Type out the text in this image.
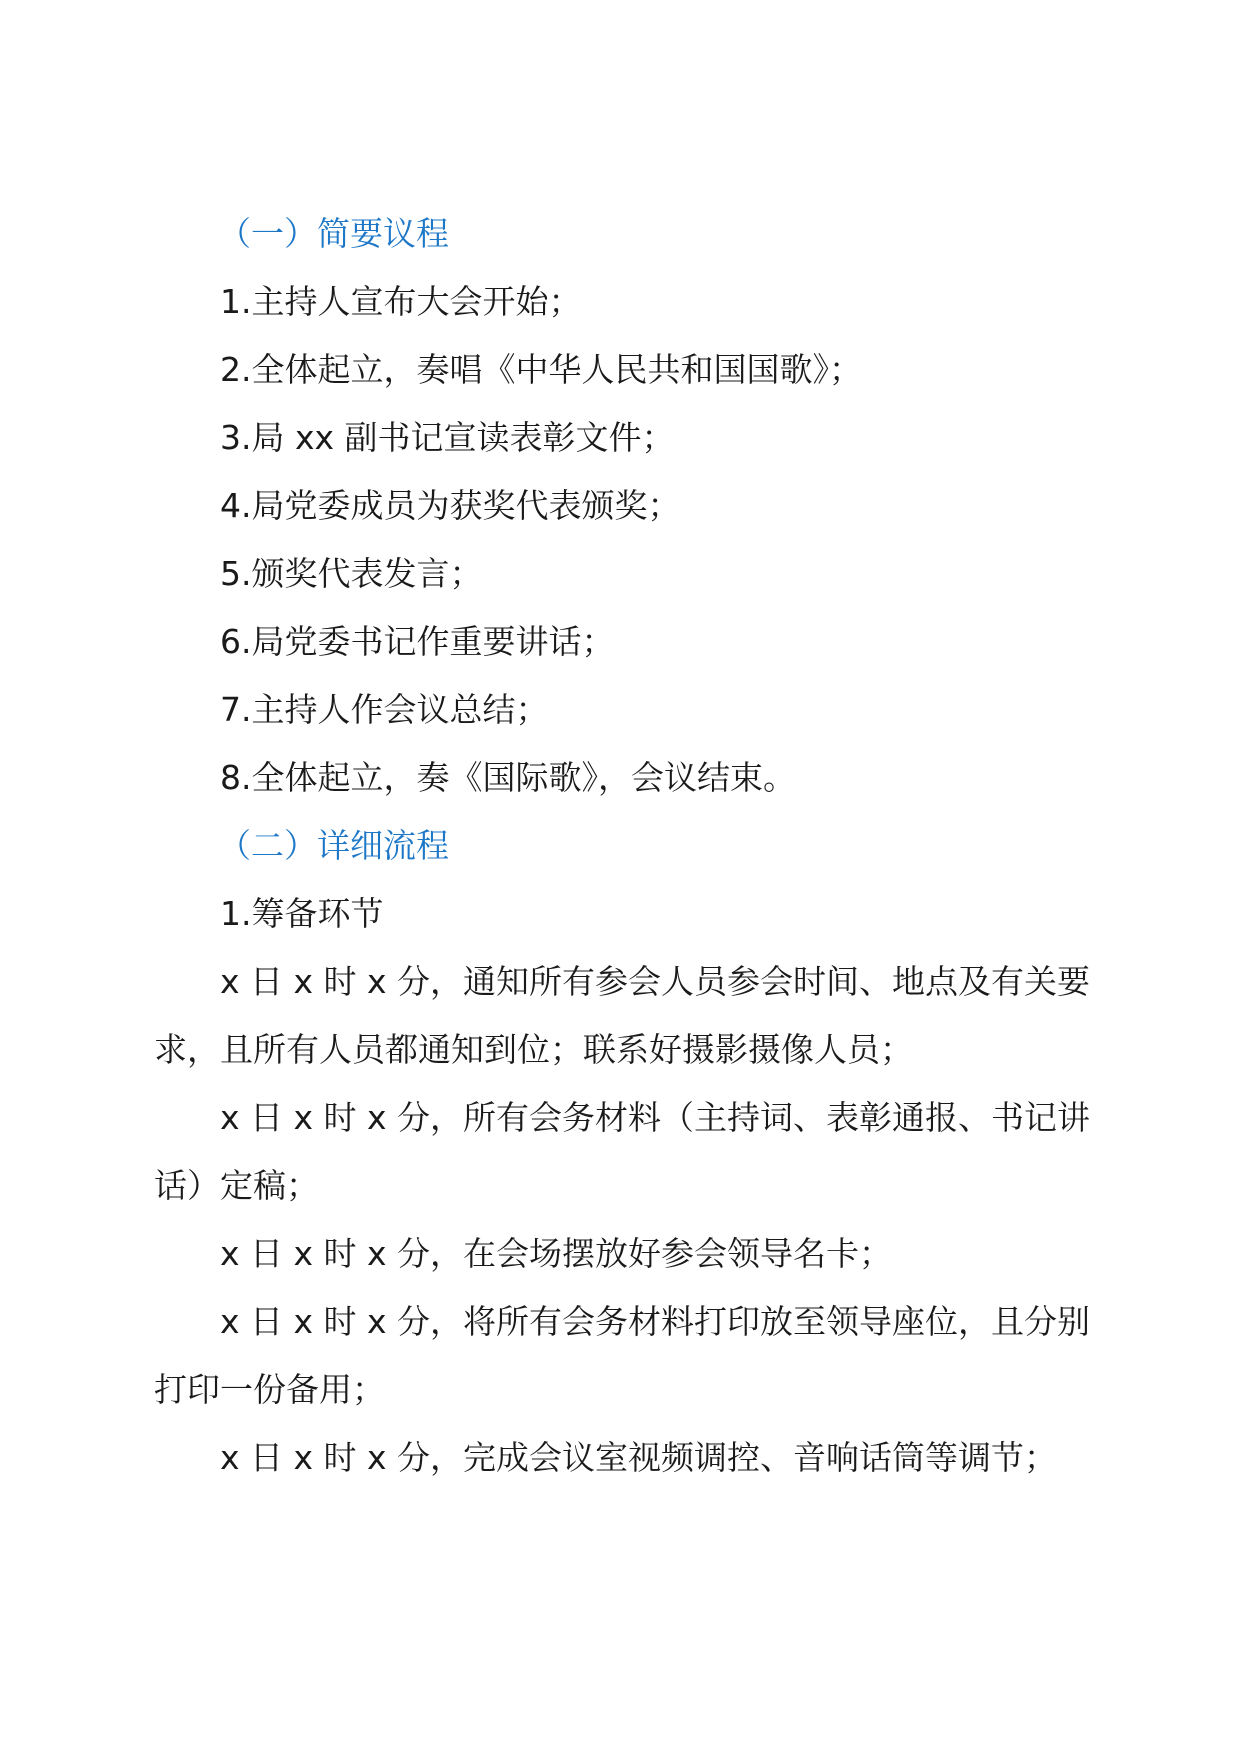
（一）简要议程
1.主持人宣布大会开始；
2.全体起立，奏唱《中华人民共和国国歌》；
3.局 xx 副书记宣读表彰文件；
4.局党委成员为获奖代表颁奖；
5.颁奖代表发言；
6.局党委书记作重要讲话；
7.主持人作会议总结；
8.全体起立，奏《国际歌》，会议结束。
（二）详细流程
1.筹备环节
x 日 x 时 x 分，通知所有参会人员参会时间、地点及有关要
求，且所有人员都通知到位；联系好摄影摄像人员；
x 日 x 时 x 分，所有会务材料（主持词、表彰通报、书记讲
话）定稿；
x 日 x 时 x 分，在会场摆放好参会领导名卡；
x 日 x 时 x 分，将所有会务材料打印放至领导座位，且分别
打印一份备用；
x 日 x 时 x 分，完成会议室视频调控、音响话筒等调节；
